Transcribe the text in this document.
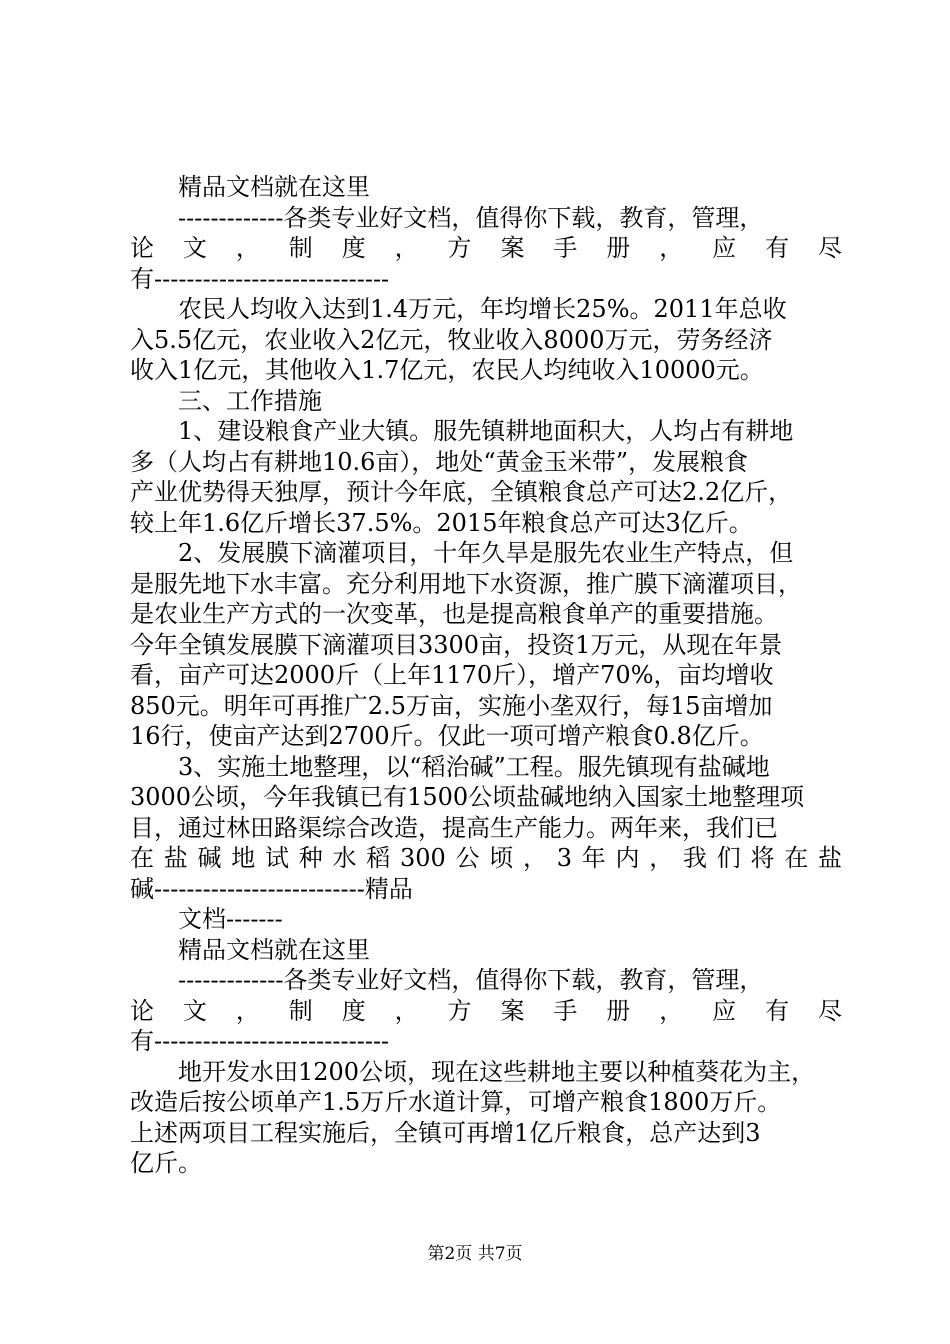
精品文档就在这里
-------------各类专业好文档，值得你下载，教育，管理，
论文，制度，方案手册，应有尽
有-----------------------------
农民人均收入达到1.4万元，年均增长25%。2011年总收
入5.5亿元，农业收入2亿元，牧业收入8000万元，劳务经济
收入1亿元，其他收入1.7亿元，农民人均纯收入10000元。
三、工作措施
1、建设粮食产业大镇。服先镇耕地面积大，人均占有耕地
多（人均占有耕地10.6亩），地处“黄金玉米带”，发展粮食
产业优势得天独厚，预计今年底，全镇粮食总产可达2.2亿斤，
较上年1.6亿斤增长37.5%。2015年粮食总产可达3亿斤。
2、发展膜下滴灌项目，十年久旱是服先农业生产特点，但
是服先地下水丰富。充分利用地下水资源，推广膜下滴灌项目，
是农业生产方式的一次变革，也是提高粮食单产的重要措施。
今年全镇发展膜下滴灌项目3300亩，投资1万元，从现在年景
看，亩产可达2000斤（上年1170斤），增产70%，亩均增收
850元。明年可再推广2.5万亩，实施小垄双行，每15亩增加
16行，使亩产达到2700斤。仅此一项可增产粮食0.8亿斤。
3、实施土地整理，以“稻治碱”工程。服先镇现有盐碱地
3000公顷，今年我镇已有1500公顷盐碱地纳入国家土地整理项
目，通过林田路渠综合改造，提高生产能力。两年来，我们已
在盐碱地试种水稻300公顷，3年内，我们将在盐
碱--------------------------精品
文档-------
精品文档就在这里
-------------各类专业好文档，值得你下载，教育，管理，
论文，制度，方案手册，应有尽
有-----------------------------
地开发水田1200公顷，现在这些耕地主要以种植葵花为主，
改造后按公顷单产1.5万斤水道计算，可增产粮食1800万斤。
上述两项目工程实施后，全镇可再增1亿斤粮食，总产达到3
第2页 共7页
亿斤。
